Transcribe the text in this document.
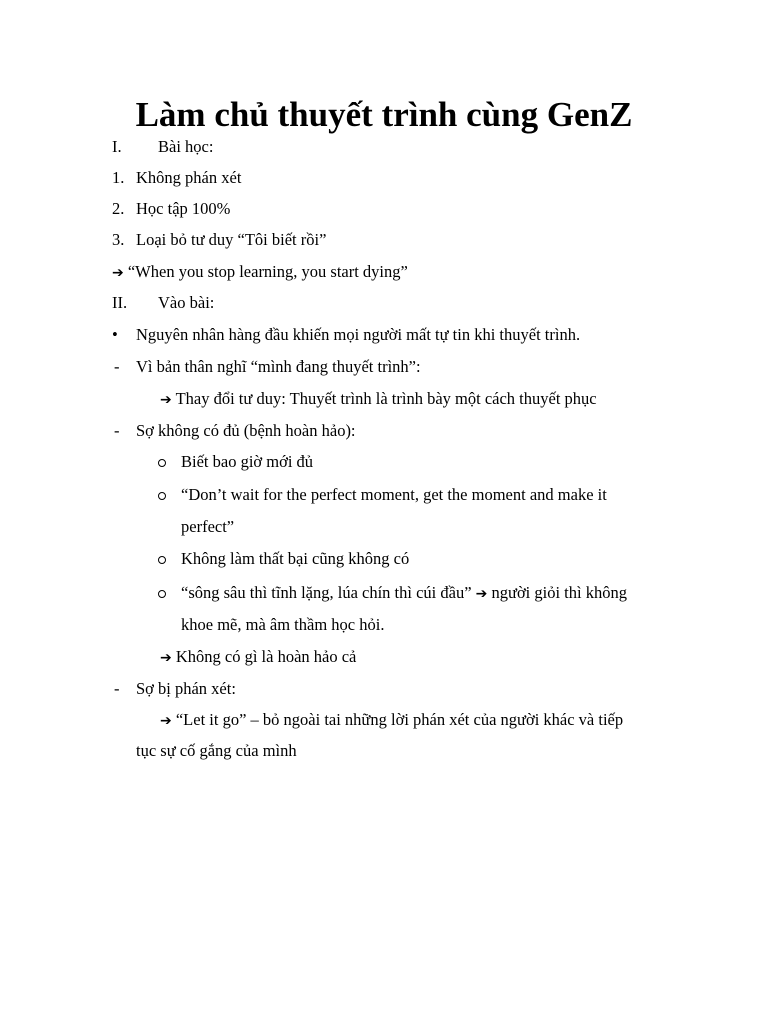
Làm chủ thuyết trình cùng GenZ
I. Bài học:
1. Không phán xét
2. Học tập 100%
3. Loại bỏ tư duy “Tôi biết rồi”
➔ “When you stop learning, you start dying”
II. Vào bài:
• Nguyên nhân hàng đầu khiến mọi người mất tự tin khi thuyết trình.
- Vì bản thân nghĩ “mình đang thuyết trình”:
➔ Thay đổi tư duy: Thuyết trình là trình bày một cách thuyết phục
- Sợ không có đủ (bệnh hoàn hảo):
Biết bao giờ mới đủ
“Don’t wait for the perfect moment, get the moment and make it
perfect”
Không làm thất bại cũng không có
“sông sâu thì tĩnh lặng, lúa chín thì cúi đầu” ➔ người giỏi thì không
khoe mẽ, mà âm thầm học hỏi.
➔ Không có gì là hoàn hảo cả
- Sợ bị phán xét:
➔ “Let it go” – bỏ ngoài tai những lời phán xét của người khác và tiếp
tục sự cố gắng của mình
